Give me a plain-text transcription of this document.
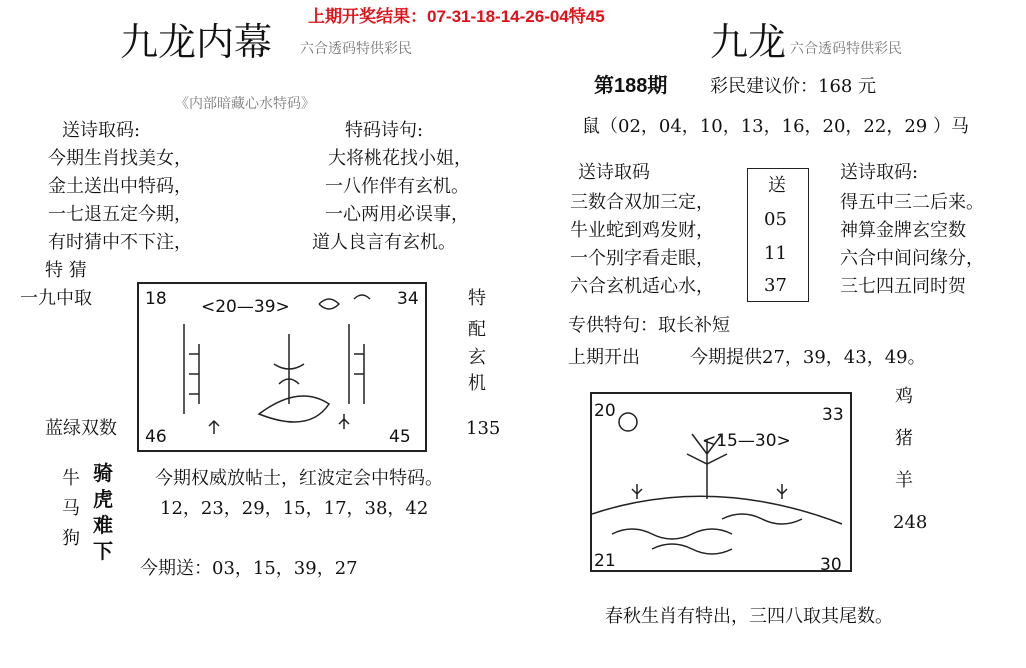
上期开奖结果：07-31-18-14-26-04特45
九龙内幕 六合透码特供彩民
《内部暗藏心水特码》
送诗取码:	特码诗句:
今期生肖找美女，
金土送出中特码，
一七退五定今期，
有时猜中不下注，
大将桃花找小姐，
一八作伴有玄机。
一心两用必误事，
道人良言有玄机。
特 猜
一九中取
蓝绿双数
特
配
玄
机
135
18	34
46	45
<20—39>
牛
马
狗
骑虎难下
今期权威放帖士，红波定会中特码。
12，23，29，15，17，38，42
今期送：03，15，39，27
九龙 六合透码特供彩民
第188期 彩民建议价：168 元
鼠（02，04，10，13，16，20，22，29 ）马
送诗取码	送诗取码:
三数合双加三定，
牛业蛇到鸡发财，
一个别字看走眼，
六合玄机适心水，
得五中三二后来。
神算金牌玄空数
六合中间问缘分，
三七四五同时贺
送
05
11
37
专供特句：取长补短
上期开出	今期提供27，39，43，49。
20	33
21	30
<15—30>
鸡
猪
羊
248
春秋生肖有特出，三四八取其尾数。
